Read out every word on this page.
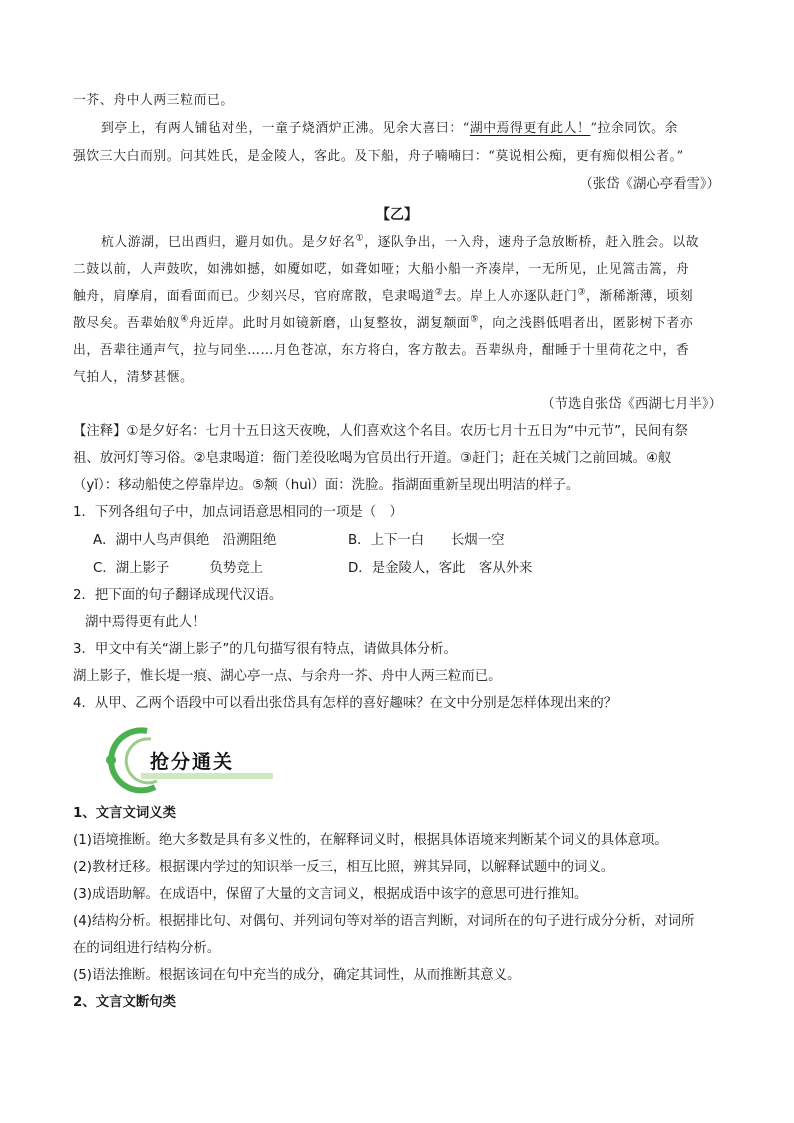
一芥、舟中人两三粒而已。
到亭上，有两人铺毡对坐，一童子烧酒炉正沸。见余大喜曰：“湖中焉得更有此人！”拉余同饮。余
强饮三大白而别。问其姓氏，是金陵人，客此。及下船，舟子喃喃曰：“莫说相公痴，更有痴似相公者。”
（张岱《湖心亭看雪》）
【乙】
杭人游湖，巳出酉归，避月如仇。是夕好名①，逐队争出，一入舟，速舟子急放断桥，赶入胜会。以故
二鼓以前，人声鼓吹，如沸如撼，如魇如呓，如聋如哑；大船小船一齐凑岸，一无所见，止见篙击篙，舟
触舟，肩摩肩，面看面而已。少刻兴尽，官府席散，皂隶喝道②去。岸上人亦逐队赶门③，渐稀渐薄，顷刻
散尽矣。吾辈始舣④舟近岸。此时月如镜新磨，山复整妆，湖复颒面⑤，向之浅斟低唱者出，匿影树下者亦
出，吾辈往通声气，拉与同坐……月色苍凉，东方将白，客方散去。吾辈纵舟，酣睡于十里荷花之中，香
气拍人，清梦甚惬。
（节选自张岱《西湖七月半》）
【注释】①是夕好名：七月十五日这天夜晚，人们喜欢这个名目。农历七月十五日为“中元节”，民间有祭
祖、放河灯等习俗。②皂隶喝道：衙门差役吆喝为官员出行开道。③赶门；赶在关城门之前回城。④舣
（yǐ）：移动船使之停靠岸边。⑤颒（huì）面：洗脸。指湖面重新呈现出明洁的样子。
1．下列各组句子中，加点词语意思相同的一项是（　）
A．湖中人鸟声俱绝　沿溯阻绝	B．上下一白　　长烟一空
C．湖上影子　　　负势竞上	D．是金陵人，客此　客从外来
2．把下面的句子翻译成现代汉语。
湖中焉得更有此人！
3．甲文中有关“湖上影子”的几句描写很有特点，请做具体分析。
湖上影子，惟长堤一痕、湖心亭一点、与余舟一芥、舟中人两三粒而已。
4．从甲、乙两个语段中可以看出张岱具有怎样的喜好趣味？在文中分别是怎样体现出来的？
抢分通关
1、文言文词义类
(1)语境推断。绝大多数是具有多义性的，在解释词义时，根据具体语境来判断某个词义的具体意项。
(2)教材迁移。根据课内学过的知识举一反三，相互比照，辨其异同，以解释试题中的词义。
(3)成语助解。在成语中，保留了大量的文言词义，根据成语中该字的意思可进行推知。
(4)结构分析。根据排比句、对偶句、并列词句等对举的语言判断，对词所在的句子进行成分分析，对词所
在的词组进行结构分析。
(5)语法推断。根据该词在句中充当的成分，确定其词性，从而推断其意义。
2、文言文断句类
